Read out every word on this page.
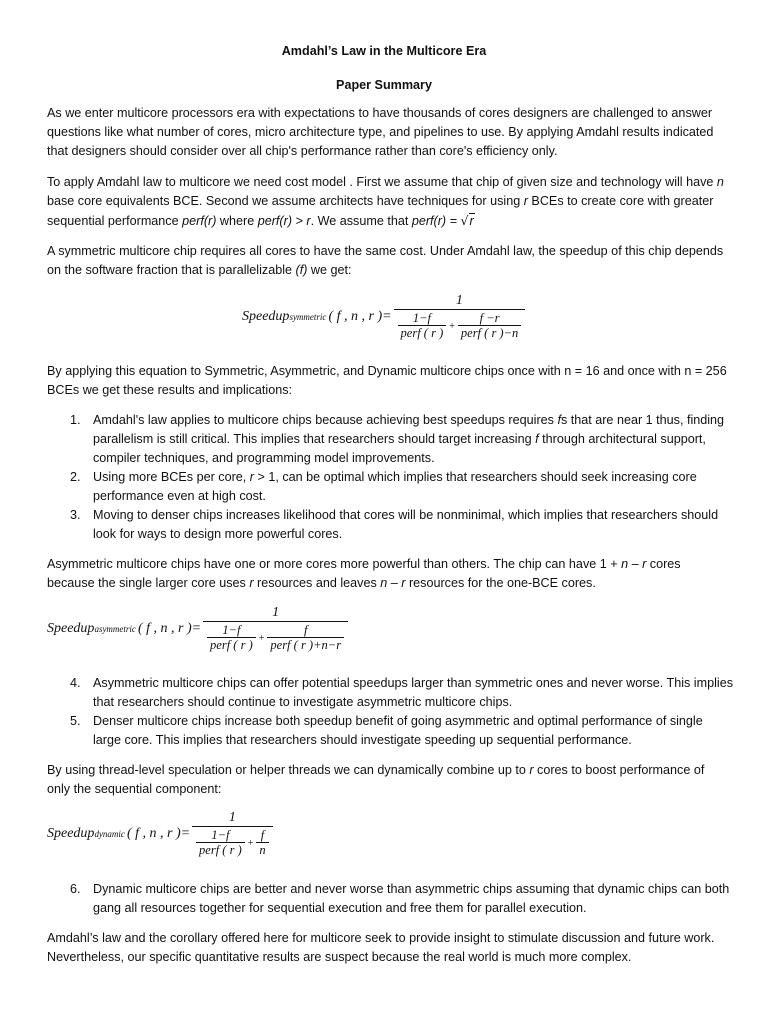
Amdahl’s Law in the Multicore Era
Paper Summary

As we enter multicore processors era with expectations to have thousands of cores designers are challenged to answer questions like what number of cores, micro architecture type, and pipelines to use. By applying Amdahl results indicated that designers should consider over all chip's performance rather than core's efficiency only.

To apply Amdahl law to multicore we need cost model . First we assume that chip of given size and technology will have n base core equivalents BCE. Second we assume architects have techniques for using r BCEs to create core with greater sequential performance perf(r) where perf(r) > r. We assume that perf(r) = √r

A symmetric multicore chip requires all cores to have the same cost. Under Amdahl law, the speedup of this chip depends on the software fraction that is parallelizable (f) we get:

Speedup symmetric ( f , n , r )= 1
1−f
perf ( r ) +
f −r
perf ( r )−n

By applying this equation to Symmetric, Asymmetric, and Dynamic multicore chips once with n = 16 and once with n = 256 BCEs we get these results and implications:

1. Amdahl's law applies to multicore chips because achieving best speedups requires fs that are near 1 thus, finding parallelism is still critical. This implies that researchers should target increasing f through architectural support, compiler techniques, and programming model improvements.
2. Using more BCEs per core, r > 1, can be optimal which implies that researchers should seek increasing core performance even at high cost.
3. Moving to denser chips increases likelihood that cores will be nonminimal, which implies that researchers should look for ways to design more powerful cores.

Asymmetric multicore chips have one or more cores more powerful than others. The chip can have 1 + n – r cores because the single larger core uses r resources and leaves n – r resources for the one-BCE cores.

Speedup asymmetric ( f , n , r )= 1
1−f
perf ( r ) +
f
perf ( r )+n−r
4. Asymmetric multicore chips can offer potential speedups larger than symmetric ones and never worse. This implies that researchers should continue to investigate asymmetric multicore chips.
5. Denser multicore chips increase both speedup benefit of going asymmetric and optimal performance of single large core. This implies that researchers should investigate speeding up sequential performance.

By using thread-level speculation or helper threads we can dynamically combine up to r cores to boost performance of only the sequential component:

Speedup dynamic ( f , n , r )= 1
1−f
perf ( r ) + $\frac{f}{n}$
6. Dynamic multicore chips are better and never worse than asymmetric chips assuming that dynamic chips can both gang all resources together for sequential execution and free them for parallel execution.

Amdahl’s law and the corollary offered here for multicore seek to provide insight to stimulate discussion and future work. Nevertheless, our specific quantitative results are suspect because the real world is much more complex.
